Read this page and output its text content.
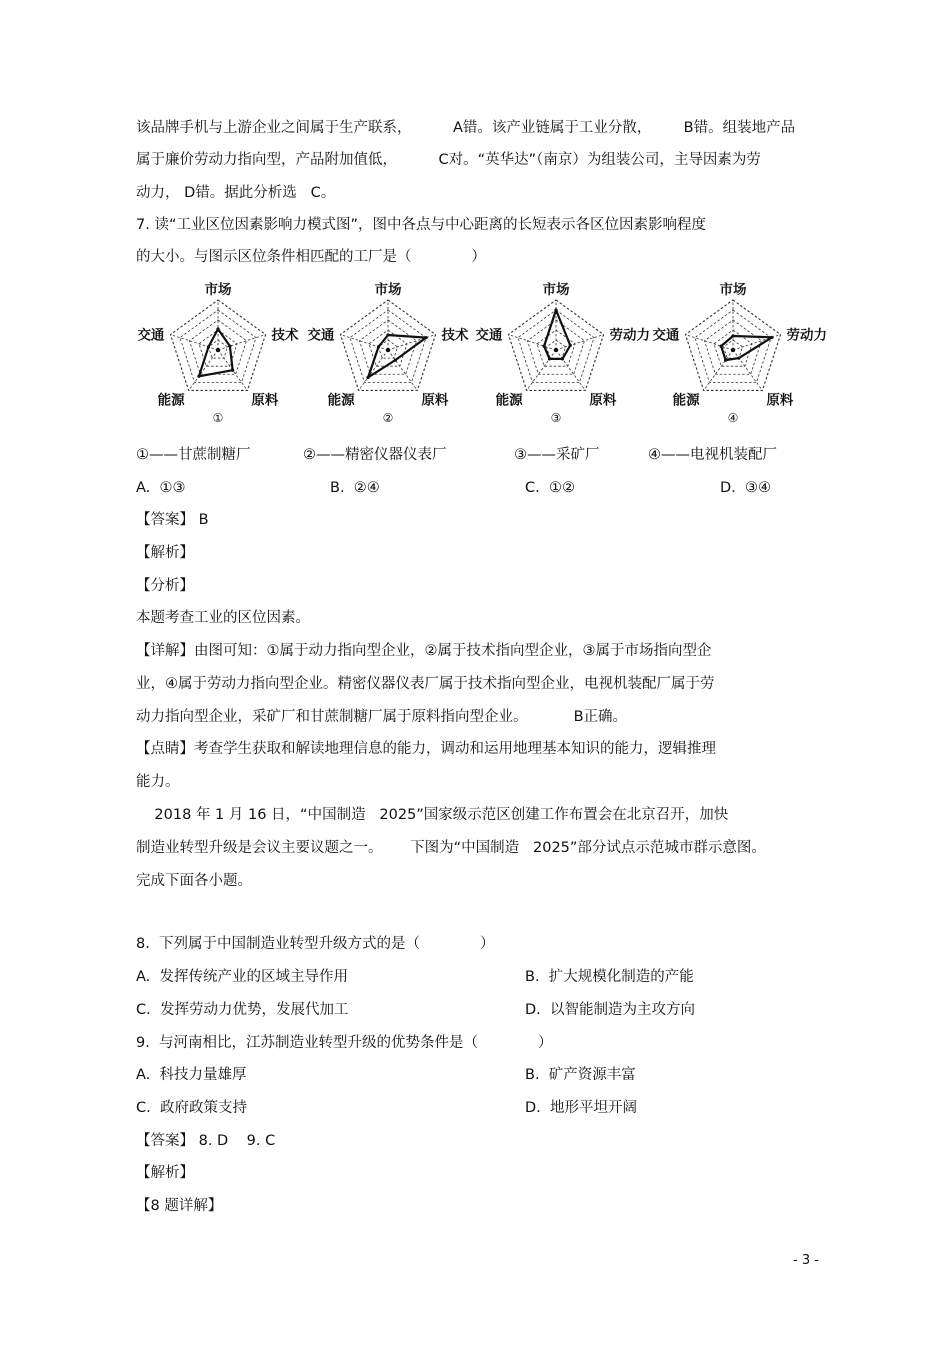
该品牌手机与上游企业之间属于生产联系，         A错。该产业链属于工业分散，       B错。组装地产品
属于廉价劳动力指向型，产品附加值低，         C对。“英华达”（南京）为组装公司，主导因素为劳
动力， D错。据此分析选   C。
7. 读“工业区位因素影响力模式图”，图中各点与中心距离的长短表示各区位因素影响程度
的大小。与图示区位条件相匹配的工厂是（             ）
市场
技术
原料
能源
交通
①
市场
技术
原料
能源
交通
②
市场
劳动力
原料
能源
交通
③
市场
劳动力
原料
能源
交通
④
①——甘蔗制糖厂	②——精密仪器仪表厂	③——采矿厂	④——电视机装配厂
A.  ①③	B.  ②④	C.  ①②	D.  ③④
【答案】 B
【解析】
【分析】
本题考查工业的区位因素。
【详解】由图可知：①属于动力指向型企业，②属于技术指向型企业，③属于市场指向型企
业，④属于劳动力指向型企业。精密仪器仪表厂属于技术指向型企业，电视机装配厂属于劳
动力指向型企业，采矿厂和甘蔗制糖厂属于原料指向型企业。          B正确。
【点睛】考查学生获取和解读地理信息的能力，调动和运用地理基本知识的能力，逻辑推理
能力。
2018 年 1 月 16 日，“中国制造   2025”国家级示范区创建工作布置会在北京召开，加快
制造业转型升级是会议主要议题之一。      下图为“中国制造   2025”部分试点示范城市群示意图。
完成下面各小题。
8.  下列属于中国制造业转型升级方式的是（             ）
A.  发挥传统产业的区域主导作用	B.  扩大规模化制造的产能
C.  发挥劳动力优势，发展代加工	D.  以智能制造为主攻方向
9.  与河南相比，江苏制造业转型升级的优势条件是（             ）
A.  科技力量雄厚	B.  矿产资源丰富
C.  政府政策支持	D.  地形平坦开阔
【答案】 8. D    9. C
【解析】
【8 题详解】
- 3 -
